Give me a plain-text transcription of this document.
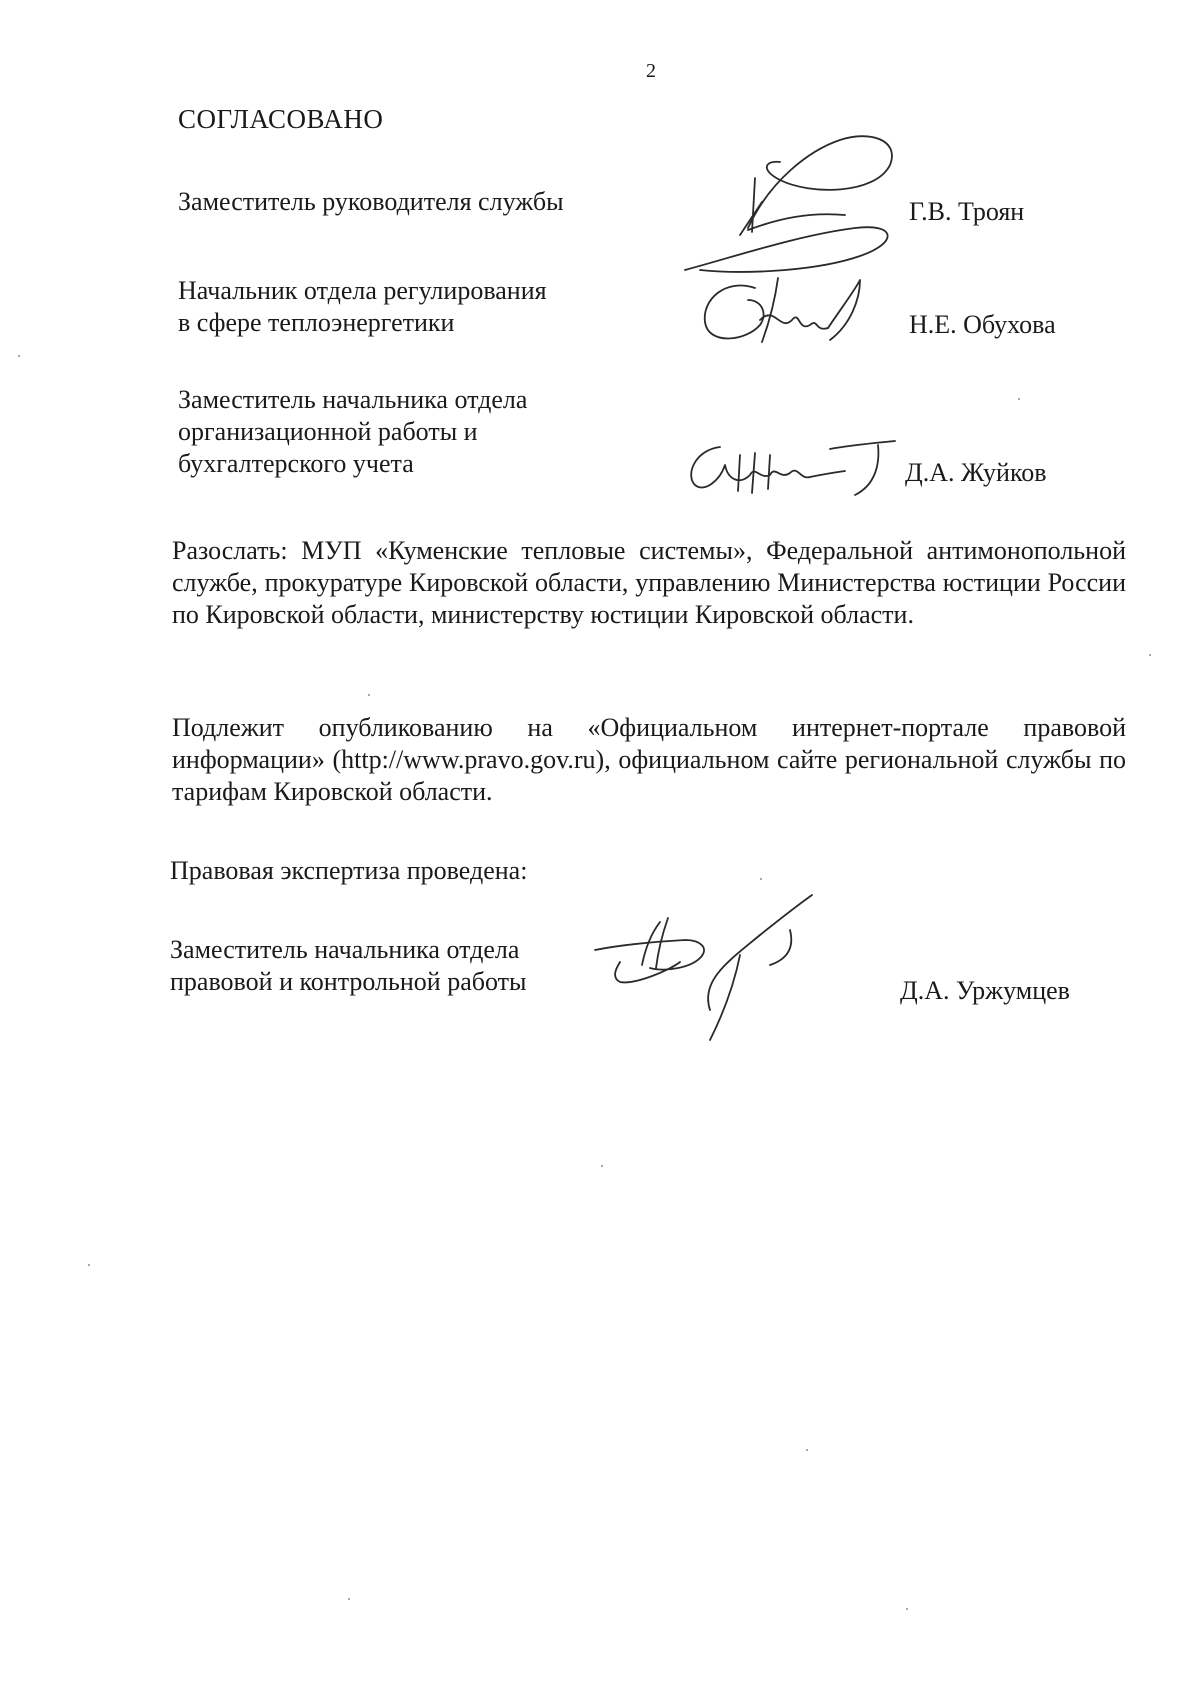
2
СОГЛАСОВАНО
Заместитель руководителя службы	Г.В. Троян
Начальник отдела регулирования
в сфере теплоэнергетики	Н.Е. Обухова
Заместитель начальника отдела
организационной работы и
бухгалтерского учета	Д.А. Жуйков
Разослать: МУП «Куменские тепловые системы», Федеральной антимонопольной службе, прокуратуре Кировской области, управлению Министерства юстиции России по Кировской области, министерству юстиции Кировской области.
Подлежит опубликованию на «Официальном интернет-портале правовой информации» (http://www.pravo.gov.ru), официальном сайте региональной службы по тарифам Кировской области.
Правовая экспертиза проведена:
Заместитель начальника отдела
правовой и контрольной работы	Д.А. Уржумцев
